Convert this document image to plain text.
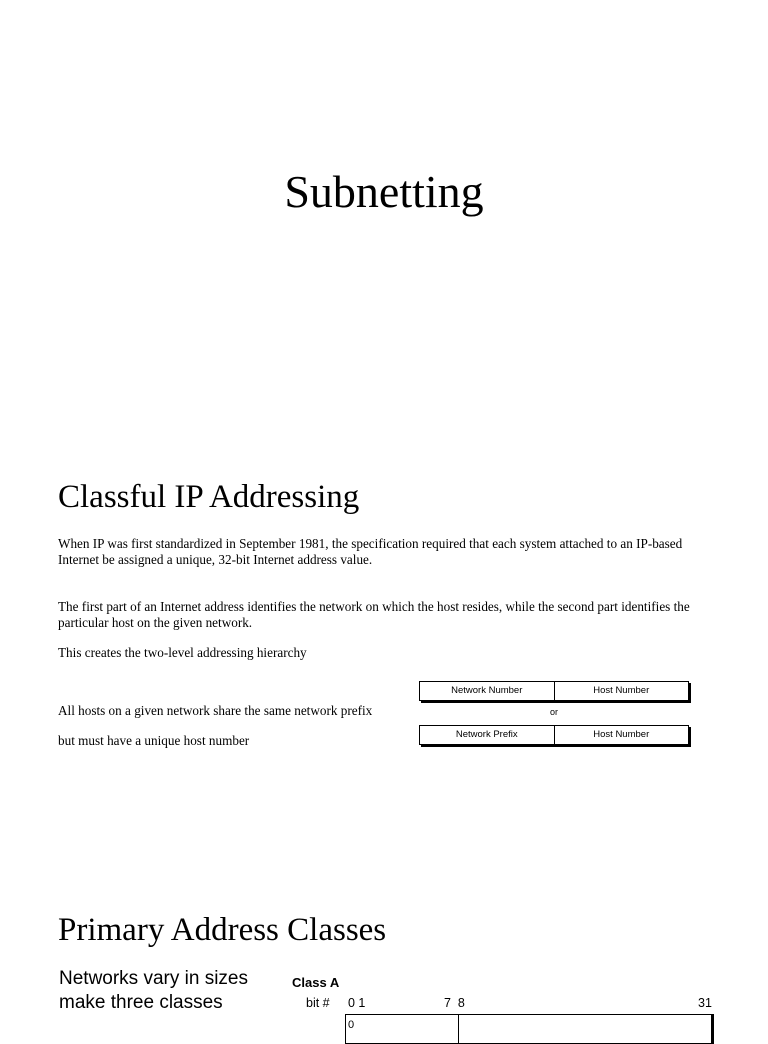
Subnetting
Classful IP Addressing
When IP was first standardized in September 1981, the specification required that each system attached to an IP-based Internet be assigned a unique, 32-bit Internet address value.
The first part of an Internet address identifies the network on which the host resides, while the second part identifies the particular host on the given network.
This creates the two-level addressing hierarchy
All hosts on a given network share the same network prefix
but must have a unique host number
Network Number	Host Number
or
Network Prefix	Host Number
Primary Address Classes
Networks vary in sizes
make three classes
Class A
bit # 0 1	7  8	31
0
